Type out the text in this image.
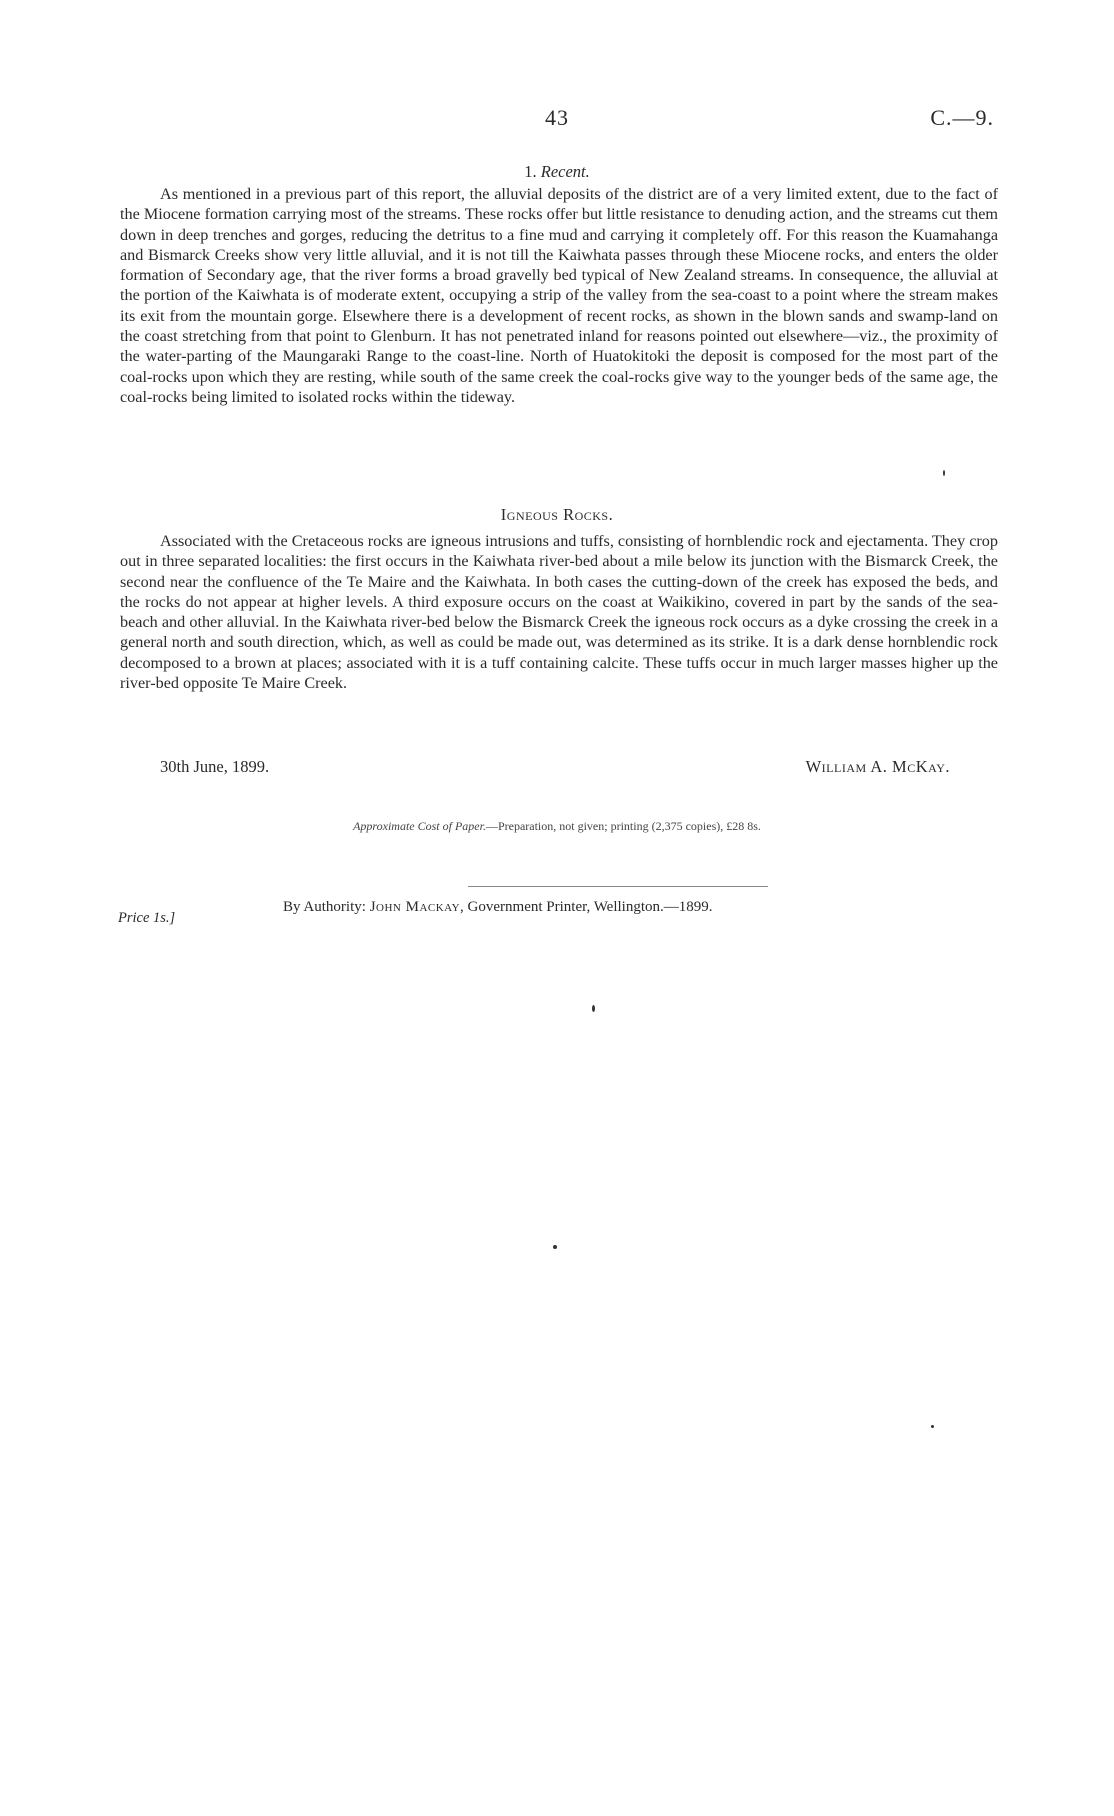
43	C.—9.
1. Recent.

As mentioned in a previous part of this report, the alluvial deposits of the district are of a very limited extent, due to the fact of the Miocene formation carrying most of the streams. These rocks offer but little resistance to denuding action, and the streams cut them down in deep trenches and gorges, reducing the detritus to a fine mud and carrying it completely off. For this reason the Kuamahanga and Bismarck Creeks show very little alluvial, and it is not till the Kaiwhata passes through these Miocene rocks, and enters the older formation of Secondary age, that the river forms a broad gravelly bed typical of New Zealand streams. In consequence, the alluvial at the portion of the Kaiwhata is of moderate extent, occupying a strip of the valley from the sea-coast to a point where the stream makes its exit from the mountain gorge. Elsewhere there is a development of recent rocks, as shown in the blown sands and swamp-land on the coast stretching from that point to Glenburn. It has not penetrated inland for reasons pointed out elsewhere—viz., the proximity of the water-parting of the Maungaraki Range to the coast-line. North of Huatokitoki the deposit is composed for the most part of the coal-rocks upon which they are resting, while south of the same creek the coal-rocks give way to the younger beds of the same age, the coal-rocks being limited to isolated rocks within the tideway.

Igneous Rocks.

Associated with the Cretaceous rocks are igneous intrusions and tuffs, consisting of hornblendic rock and ejectamenta. They crop out in three separated localities: the first occurs in the Kaiwhata river-bed about a mile below its junction with the Bismarck Creek, the second near the confluence of the Te Maire and the Kaiwhata. In both cases the cutting-down of the creek has exposed the beds, and the rocks do not appear at higher levels. A third exposure occurs on the coast at Waikikino, covered in part by the sands of the sea-beach and other alluvial. In the Kaiwhata river-bed below the Bismarck Creek the igneous rock occurs as a dyke crossing the creek in a general north and south direction, which, as well as could be made out, was determined as its strike. It is a dark dense hornblendic rock decomposed to a brown at places; associated with it is a tuff containing calcite. These tuffs occur in much larger masses higher up the river-bed opposite Te Maire Creek.

30th June, 1899.	William A. McKay.
Approximate Cost of Paper.—Preparation, not given; printing (2,375 copies), £28 8s.
Price 1s.]
By Authority: John Mackay, Government Printer, Wellington.—1899.
